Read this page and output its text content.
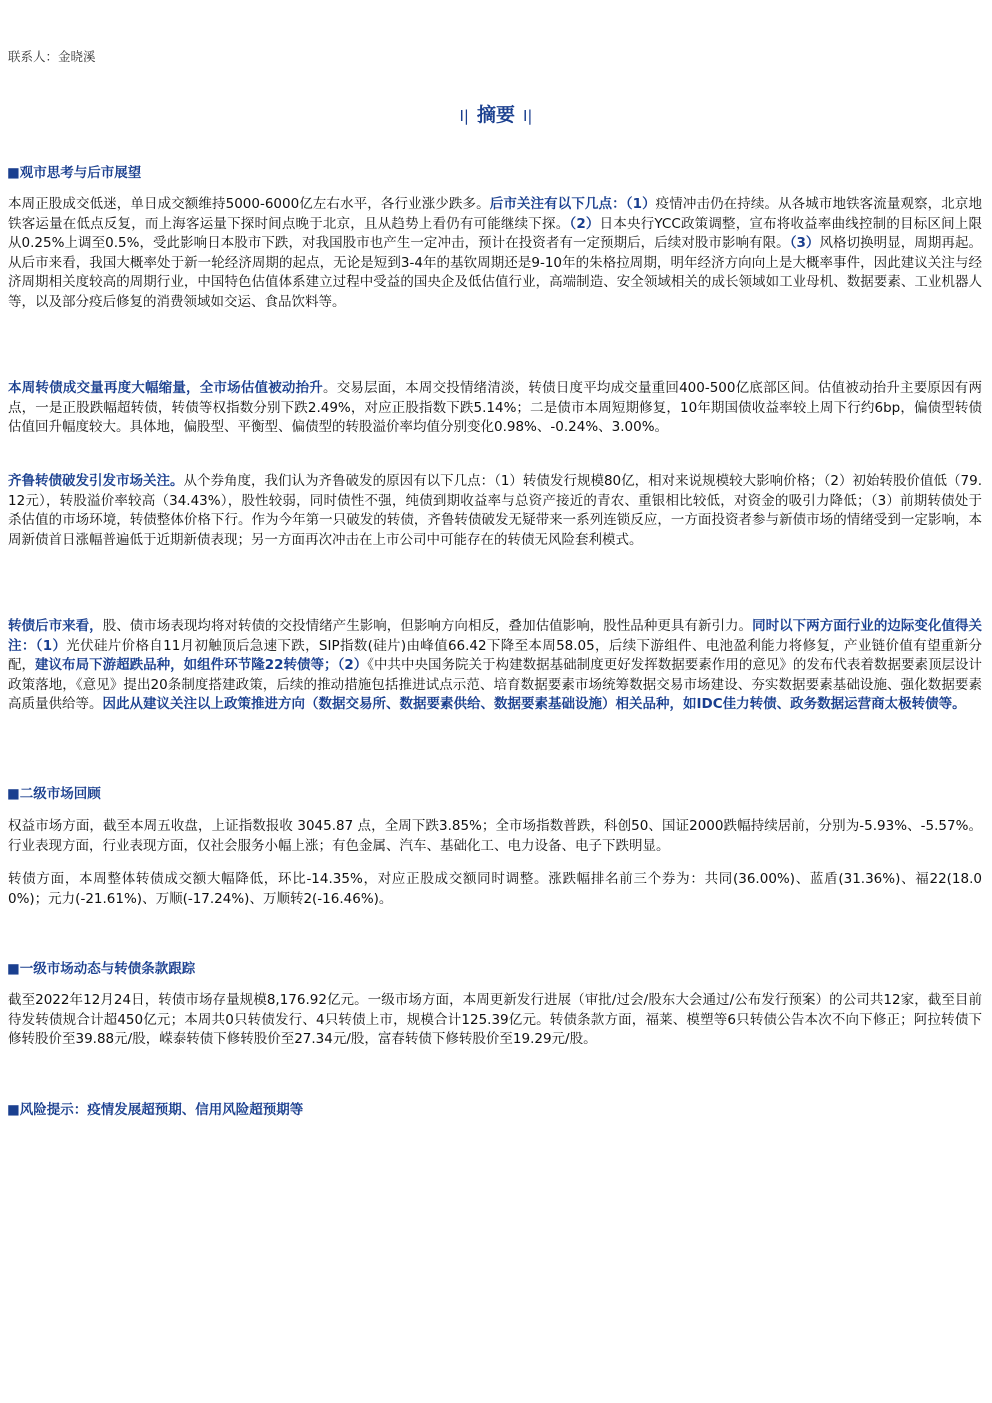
联系人：金晓溪
I| 摘要 I|
■观市思考与后市展望
本周正股成交低迷，单日成交额维持5000-6000亿左右水平，各行业涨少跌多。后市关注有以下几点：（1）疫情冲击仍在持续。从各城市地铁客流量观察，北京地铁客运量在低点反复，而上海客运量下探时间点晚于北京，且从趋势上看仍有可能继续下探。（2）日本央行YCC政策调整，宣布将收益率曲线控制的目标区间上限从0.25%上调至0.5%，受此影响日本股市下跌，对我国股市也产生一定冲击，预计在投资者有一定预期后，后续对股市影响有限。（3）风格切换明显，周期再起。从后市来看，我国大概率处于新一轮经济周期的起点，无论是短到3-4年的基钦周期还是9-10年的朱格拉周期，明年经济方向向上是大概率事件，因此建议关注与经济周期相关度较高的周期行业，中国特色估值体系建立过程中受益的国央企及低估值行业，高端制造、安全领域相关的成长领域如工业母机、数据要素、工业机器人等，以及部分疫后修复的消费领域如交运、食品饮料等。
本周转债成交量再度大幅缩量，全市场估值被动抬升。交易层面，本周交投情绪清淡，转债日度平均成交量重回400-500亿底部区间。估值被动抬升主要原因有两点，一是正股跌幅超转债，转债等权指数分别下跌2.49%，对应正股指数下跌5.14%；二是债市本周短期修复，10年期国债收益率较上周下行约6bp，偏债型转债估值回升幅度较大。具体地，偏股型、平衡型、偏债型的转股溢价率均值分别变化0.98%、-0.24%、3.00%。
齐鲁转债破发引发市场关注。从个券角度，我们认为齐鲁破发的原因有以下几点：（1）转债发行规模80亿，相对来说规模较大影响价格；（2）初始转股价值低（79.12元），转股溢价率较高（34.43%），股性较弱，同时债性不强，纯债到期收益率与总资产接近的青农、重银相比较低，对资金的吸引力降低；（3）前期转债处于杀估值的市场环境，转债整体价格下行。作为今年第一只破发的转债，齐鲁转债破发无疑带来一系列连锁反应，一方面投资者参与新债市场的情绪受到一定影响，本周新债首日涨幅普遍低于近期新债表现；另一方面再次冲击在上市公司中可能存在的转债无风险套利模式。
转债后市来看，股、债市场表现均将对转债的交投情绪产生影响，但影响方向相反，叠加估值影响，股性品种更具有新引力。同时以下两方面行业的边际变化值得关注：（1）光伏硅片价格自11月初触顶后急速下跌，SIP指数(硅片)由峰值66.42下降至本周58.05，后续下游组件、电池盈利能力将修复，产业链价值有望重新分配，建议布局下游超跌品种，如组件环节隆22转债等；（2）《中共中央国务院关于构建数据基础制度更好发挥数据要素作用的意见》的发布代表着数据要素顶层设计政策落地，《意见》提出20条制度搭建政策，后续的推动措施包括推进试点示范、培育数据要素市场统筹数据交易市场建设、夯实数据要素基础设施、强化数据要素高质量供给等。因此从建议关注以上政策推进方向（数据交易所、数据要素供给、数据要素基础设施）相关品种，如IDC佳力转债、政务数据运营商太极转债等。
■二级市场回顾
权益市场方面，截至本周五收盘，上证指数报收 3045.87 点，全周下跌3.85%；全市场指数普跌，科创50、国证2000跌幅持续居前，分别为-5.93%、-5.57%。行业表现方面，行业表现方面，仅社会服务小幅上涨；有色金属、汽车、基础化工、电力设备、电子下跌明显。
转债方面，本周整体转债成交额大幅降低，环比-14.35%，对应正股成交额同时调整。涨跌幅排名前三个券为：共同(36.00%)、蓝盾(31.36%)、福22(18.00%)；元力(-21.61%)、万顺(-17.24%)、万顺转2(-16.46%)。
■一级市场动态与转债条款跟踪
截至2022年12月24日，转债市场存量规模8,176.92亿元。一级市场方面，本周更新发行进展（审批/过会/股东大会通过/公布发行预案）的公司共12家，截至目前待发转债规合计超450亿元；本周共0只转债发行、4只转债上市，规模合计125.39亿元。转债条款方面，福莱、模塑等6只转债公告本次不向下修正；阿拉转债下修转股价至39.88元/股，嵘泰转债下修转股价至27.34元/股，富春转债下修转股价至19.29元/股。
■风险提示：疫情发展超预期、信用风险超预期等
